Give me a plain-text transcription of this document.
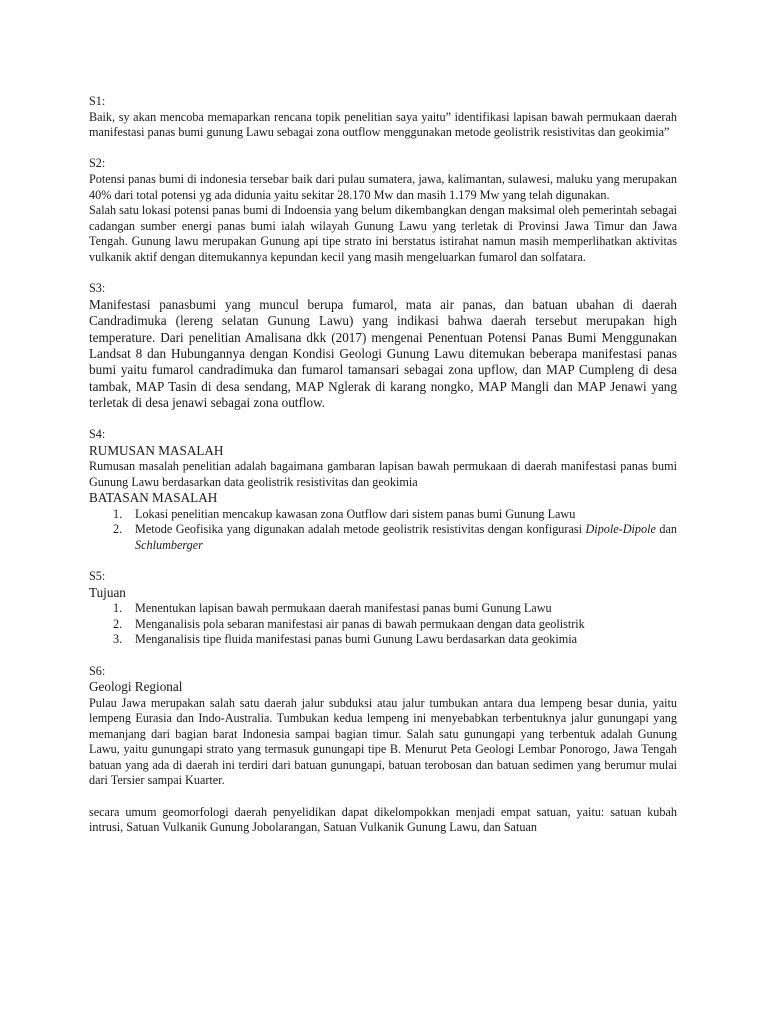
S1:

Baik, sy akan mencoba memaparkan rencana topik penelitian saya yaitu” identifikasi lapisan bawah permukaan daerah manifestasi panas bumi gunung Lawu sebagai zona outflow menggunakan metode geolistrik resistivitas dan geokimia”

S2:

Potensi panas bumi di indonesia tersebar baik dari pulau sumatera, jawa, kalimantan, sulawesi, maluku yang merupakan 40% dari total potensi yg ada didunia yaitu sekitar 28.170 Mw dan masih 1.179 Mw yang telah digunakan.

Salah satu lokasi potensi panas bumi di Indoensia yang belum dikembangkan dengan maksimal oleh pemerintah sebagai cadangan sumber energi panas bumi ialah wilayah Gunung Lawu yang terletak di Provinsi Jawa Timur dan Jawa Tengah. Gunung lawu merupakan Gunung api tipe strato ini berstatus istirahat namun masih memperlihatkan aktivitas vulkanik aktif dengan ditemukannya kepundan kecil yang masih mengeluarkan fumarol dan solfatara.

S3:

Manifestasi panasbumi yang muncul berupa fumarol, mata air panas, dan batuan ubahan di daerah Candradimuka (lereng selatan Gunung Lawu) yang indikasi bahwa daerah tersebut merupakan high temperature. Dari penelitian Amalisana dkk (2017) mengenai Penentuan Potensi Panas Bumi Menggunakan Landsat 8 dan Hubungannya dengan Kondisi Geologi Gunung Lawu ditemukan beberapa manifestasi panas bumi yaitu fumarol candradimuka dan fumarol tamansari sebagai zona upflow, dan MAP Cumpleng di desa tambak, MAP Tasin di desa sendang, MAP Nglerak di karang nongko, MAP Mangli dan MAP Jenawi yang terletak di desa jenawi sebagai zona outflow.

S4:

RUMUSAN MASALAH

Rumusan masalah penelitian adalah bagaimana gambaran lapisan bawah permukaan di daerah manifestasi panas bumi Gunung Lawu berdasarkan data geolistrik resistivitas dan geokimia

BATASAN MASALAH

1. Lokasi penelitian mencakup kawasan zona Outflow dari sistem panas bumi Gunung Lawu
2. Metode Geofisika yang digunakan adalah metode geolistrik resistivitas dengan konfigurasi Dipole-Dipole dan Schlumberger

S5:

Tujuan

1. Menentukan lapisan bawah permukaan daerah manifestasi panas bumi Gunung Lawu
2. Menganalisis pola sebaran manifestasi air panas di bawah permukaan dengan data geolistrik
3. Menganalisis tipe fluida manifestasi panas bumi Gunung Lawu berdasarkan data geokimia

S6:

Geologi Regional

Pulau Jawa merupakan salah satu daerah jalur subduksi atau jalur tumbukan antara dua lempeng besar dunia, yaitu lempeng Eurasia dan Indo-Australia. Tumbukan kedua lempeng ini menyebabkan terbentuknya jalur gunungapi yang memanjang dari bagian barat Indonesia sampai bagian timur. Salah satu gunungapi yang terbentuk adalah Gunung Lawu, yaitu gunungapi strato yang termasuk gunungapi tipe B. Menurut Peta Geologi Lembar Ponorogo, Jawa Tengah batuan yang ada di daerah ini terdiri dari batuan gunungapi, batuan terobosan dan batuan sedimen yang berumur mulai dari Tersier sampai Kuarter.

secara umum geomorfologi daerah penyelidikan dapat dikelompokkan menjadi empat satuan, yaitu: satuan kubah intrusi, Satuan Vulkanik Gunung Jobolarangan, Satuan Vulkanik Gunung Lawu, dan Satuan
